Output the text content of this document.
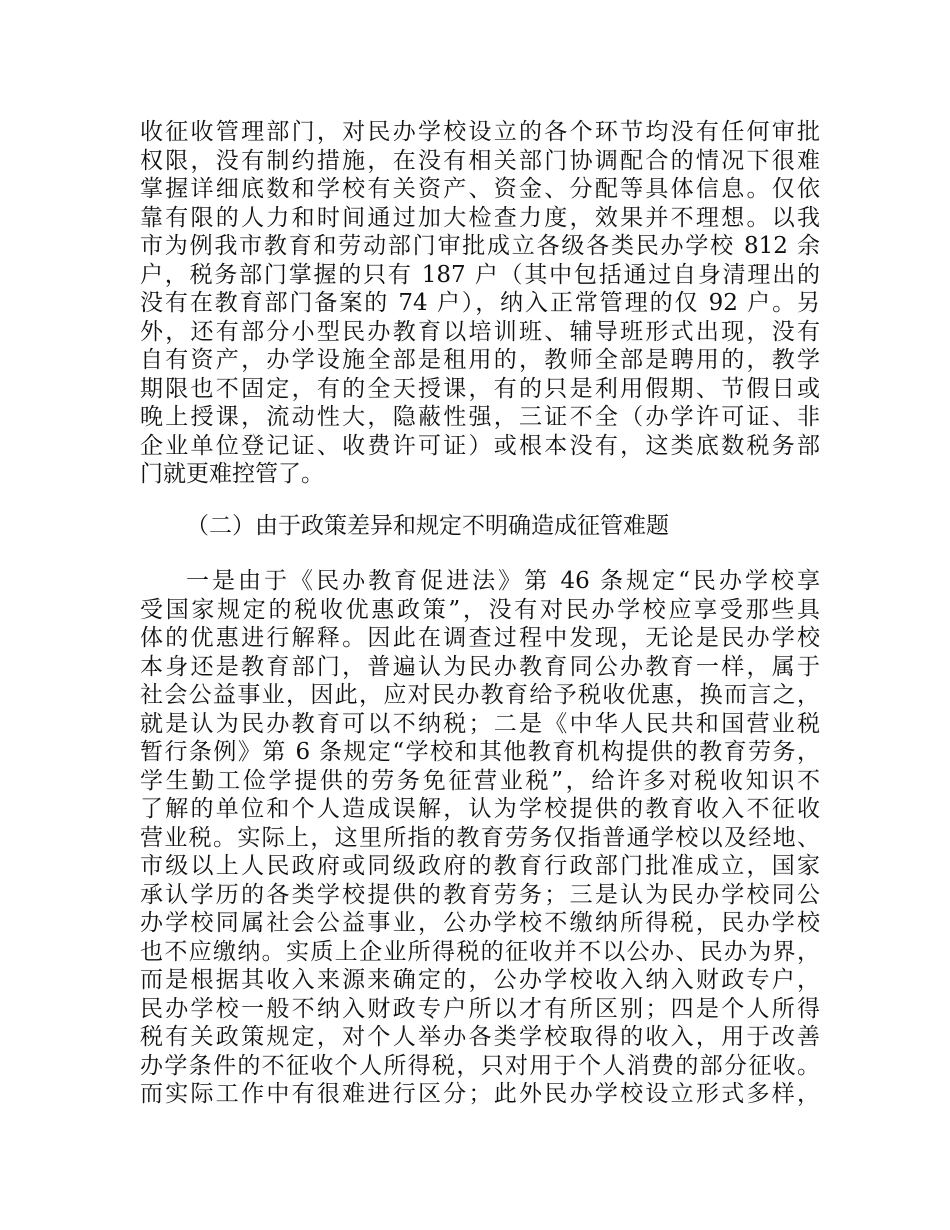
收征收管理部门，对民办学校设立的各个环节均没有任何审批
权限，没有制约措施，在没有相关部门协调配合的情况下很难
掌握详细底数和学校有关资产、资金、分配等具体信息。仅依
靠有限的人力和时间通过加大检查力度，效果并不理想。以我
市为例我市教育和劳动部门审批成立各级各类民办学校 812 余
户，税务部门掌握的只有 187 户（其中包括通过自身清理出的
没有在教育部门备案的 74 户），纳入正常管理的仅 92 户。另
外，还有部分小型民办教育以培训班、辅导班形式出现，没有
自有资产，办学设施全部是租用的，教师全部是聘用的，教学
期限也不固定，有的全天授课，有的只是利用假期、节假日或
晚上授课，流动性大，隐蔽性强，三证不全（办学许可证、非
企业单位登记证、收费许可证）或根本没有，这类底数税务部
门就更难控管了。
（二）由于政策差异和规定不明确造成征管难题
一是由于《民办教育促进法》第 46 条规定“民办学校享
受国家规定的税收优惠政策”，没有对民办学校应享受那些具
体的优惠进行解释。因此在调查过程中发现，无论是民办学校
本身还是教育部门，普遍认为民办教育同公办教育一样，属于
社会公益事业，因此，应对民办教育给予税收优惠，换而言之，
就是认为民办教育可以不纳税；二是《中华人民共和国营业税
暂行条例》第 6 条规定“学校和其他教育机构提供的教育劳务，
学生勤工俭学提供的劳务免征营业税”，给许多对税收知识不
了解的单位和个人造成误解，认为学校提供的教育收入不征收
营业税。实际上，这里所指的教育劳务仅指普通学校以及经地、
市级以上人民政府或同级政府的教育行政部门批准成立，国家
承认学历的各类学校提供的教育劳务；三是认为民办学校同公
办学校同属社会公益事业，公办学校不缴纳所得税，民办学校
也不应缴纳。实质上企业所得税的征收并不以公办、民办为界，
而是根据其收入来源来确定的，公办学校收入纳入财政专户，
民办学校一般不纳入财政专户所以才有所区别；四是个人所得
税有关政策规定，对个人举办各类学校取得的收入，用于改善
办学条件的不征收个人所得税，只对用于个人消费的部分征收。
而实际工作中有很难进行区分；此外民办学校设立形式多样，
